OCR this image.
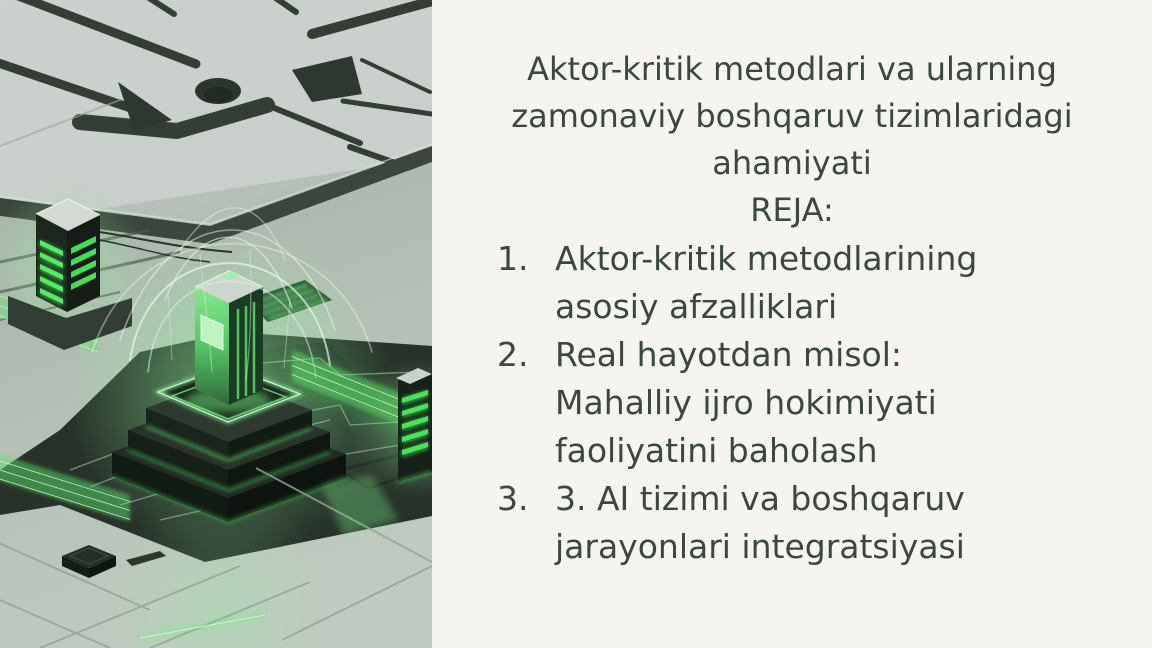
Aktor-kritik metodlari va ularning
zamonaviy boshqaruv tizimlaridagi
ahamiyati
REJA:
1. Aktor-kritik metodlarining
asosiy afzalliklari
2. Real hayotdan misol:
Mahalliy ijro hokimiyati
faoliyatini baholash
3. 3. AI tizimi va boshqaruv
jarayonlari integratsiyasi
